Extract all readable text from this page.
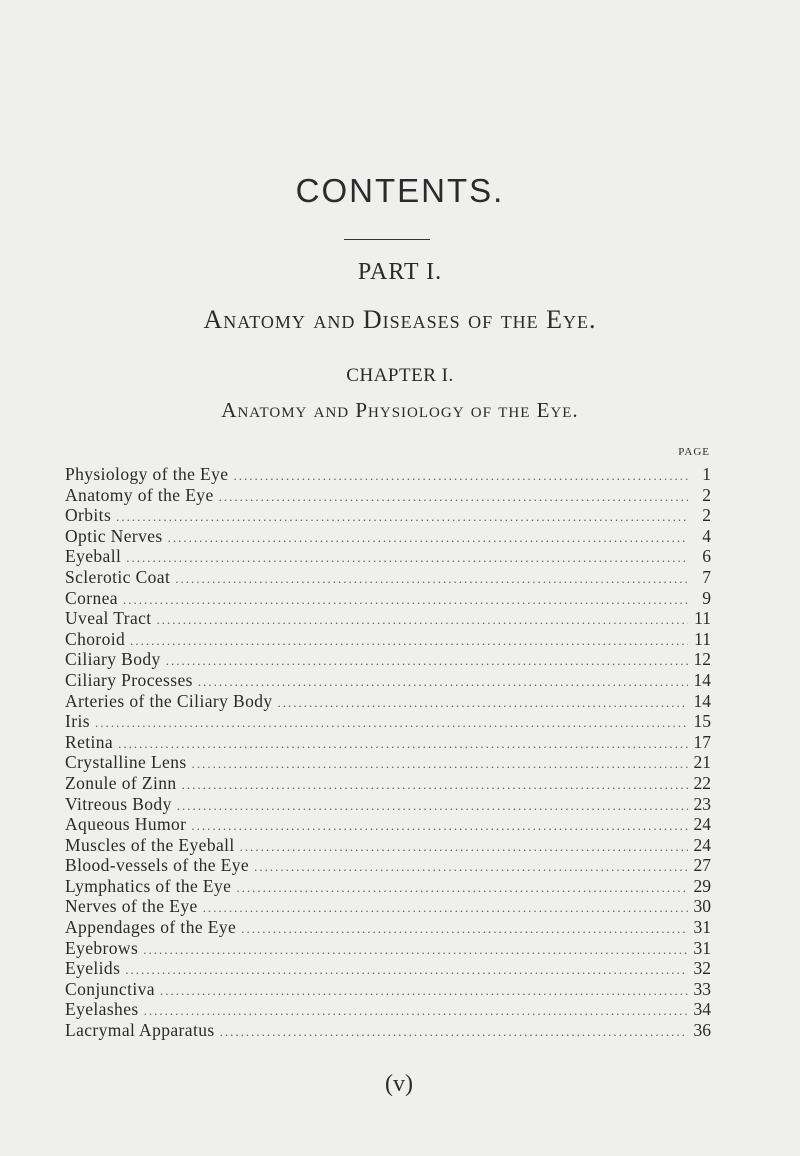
CONTENTS.
PART I.
Anatomy and Diseases of the Eye.
CHAPTER I.
Anatomy and Physiology of the Eye.
PAGE
Physiology of the Eye .....	1
Anatomy of the Eye .....	2
Orbits .....	2
Optic Nerves .....	4
Eyeball .....	6
Sclerotic Coat .....	7
Cornea .....	9
Uveal Tract .....	11
Choroid .....	11
Ciliary Body .....	12
Ciliary Processes .....	14
Arteries of the Ciliary Body .....	14
Iris .....	15
Retina .....	17
Crystalline Lens .....	21
Zonule of Zinn .....	22
Vitreous Body .....	23
Aqueous Humor .....	24
Muscles of the Eyeball .....	24
Blood-vessels of the Eye .....	27
Lymphatics of the Eye .....	29
Nerves of the Eye .....	30
Appendages of the Eye .....	31
Eyebrows .....	31
Eyelids .....	32
Conjunctiva .....	33
Eyelashes .....	34
Lacrymal Apparatus .....	36
(v)
